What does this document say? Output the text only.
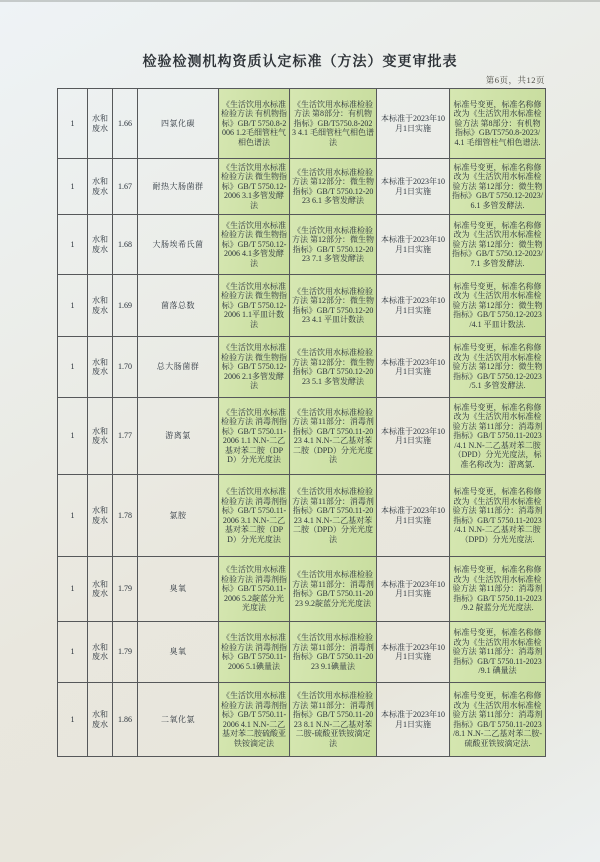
检验检测机构资质认定标准（方法）变更审批表
第6页，共12页
1	水和废水	1.66	四氯化碳	《生活饮用水标准检验方法 有机物指标》GB/T 5750.8-2006 1.2毛细管柱气相色谱法	《生活饮用水标准检验方法 第8部分：有机物指标》GB/T5750.8-2023 4.1 毛细管柱气相色谱法	本标准于2023年10月1日实施	标准号变更，标准名称修改为《生活饮用水标准检验方法 第8部分：有机物指标》GB/T5750.8-2023/4.1 毛细管柱气相色谱法.
1	水和废水	1.67	耐热大肠菌群	《生活饮用水标准检验方法 微生物指标》GB/T 5750.12-2006 3.1多管发酵法	《生活饮用水标准检验方法 第12部分：微生物指标》GB/T 5750.12-2023 6.1 多管发酵法	本标准于2023年10月1日实施	标准号变更，标准名称修改为《生活饮用水标准检验方法 第12部分：微生物指标》GB/T 5750.12-2023/6.1 多管发酵法.
1	水和废水	1.68	大肠埃希氏菌	《生活饮用水标准检验方法 微生物指标》GB/T 5750.12-2006 4.1多管发酵法	《生活饮用水标准检验方法 第12部分：微生物指标》GB/T 5750.12-2023 7.1 多管发酵法	本标准于2023年10月1日实施	标准号变更，标准名称修改为《生活饮用水标准检验方法 第12部分：微生物指标》GB/T 5750.12-2023/7.1 多管发酵法.
1	水和废水	1.69	菌落总数	《生活饮用水标准检验方法 微生物指标》GB/T 5750.12-2006 1.1平皿计数法	《生活饮用水标准检验方法 第12部分：微生物指标》GB/T 5750.12-2023 4.1 平皿计数法	本标准于2023年10月1日实施	标准号变更，标准名称修改为《生活饮用水标准检验方法 第12部分：微生物指标》GB/T 5750.12-2023 /4.1 平皿计数法.
1	水和废水	1.70	总大肠菌群	《生活饮用水标准检验方法 微生物指标》GB/T 5750.12-2006 2.1多管发酵法	《生活饮用水标准检验方法 第12部分：微生物指标》GB/T 5750.12-2023 5.1 多管发酵法	本标准于2023年10月1日实施	标准号变更，标准名称修改为《生活饮用水标准检验方法 第12部分：微生物指标》GB/T 5750.12-2023 /5.1 多管发酵法.
1	水和废水	1.77	游离氯	《生活饮用水标准检验方法 消毒剂指标》GB/T 5750.11-2006 1.1 N.N-二乙基对苯二胺（DPD）分光光度法	《生活饮用水标准检验方法 第11部分：消毒剂指标》GB/T 5750.11-2023 4.1 N.N-二乙基对苯二胺（DPD）分光光度法	本标准于2023年10月1日实施	标准号变更，标准名称修改为《生活饮用水标准检验方法 第11部分：消毒剂指标》GB/T 5750.11-2023 /4.1 N.N-二乙基对苯二胺（DPD）分光光度法，标准名称改为：游离氯.
1	水和废水	1.78	氯胺	《生活饮用水标准检验方法 消毒剂指标》GB/T 5750.11-2006 3.1 N.N-二乙基对苯二胺（DPD）分光光度法	《生活饮用水标准检验方法 第11部分：消毒剂指标》GB/T 5750.11-2023 4.1 N.N-二乙基对苯二胺（DPD）分光光度法	本标准于2023年10月1日实施	标准号变更，标准名称修改为《生活饮用水标准检验方法 第11部分：消毒剂指标》GB/T 5750.11-2023 /4.1 N.N-二乙基对苯二胺（DPD）分光光度法.
1	水和废水	1.79	臭氧	《生活饮用水标准检验方法 消毒剂指标》GB/T 5750.11-2006 5.2靛蓝分光光度法	《生活饮用水标准检验方法 第11部分：消毒剂指标》GB/T 5750.11-2023 9.2靛蓝分光光度法	本标准于2023年10月1日实施	标准号变更，标准名称修改为《生活饮用水标准检验方法 第11部分：消毒剂指标》GB/T 5750.11-2023 /9.2 靛蓝分光光度法.
1	水和废水	1.79	臭氧	《生活饮用水标准检验方法 消毒剂指标》GB/T 5750.11-2006 5.1碘量法	《生活饮用水标准检验方法 第11部分：消毒剂指标》GB/T 5750.11-2023 9.1碘量法	本标准于2023年10月1日实施	标准号变更，标准名称修改为《生活饮用水标准检验方法 第11部分：消毒剂指标》GB/T 5750.11-2023 /9.1 碘量法
1	水和废水	1.86	二氧化氯	《生活饮用水标准检验方法 消毒剂指标》GB/T 5750.11-2006 4.1 N.N-二乙基对苯二胺硫酸亚铁铵滴定法	《生活饮用水标准检验方法 第11部分：消毒剂指标》GB/T 5750.11-2023 8.1 N.N-二乙基对苯二胺-硫酸亚铁铵滴定法	本标准于2023年10月1日实施	标准号变更，标准名称修改为《生活饮用水标准检验方法 第11部分：消毒剂指标》GB/T 5750.11-2023 /8.1 N.N-二乙基对苯二胺-硫酸亚铁铵滴定法.
